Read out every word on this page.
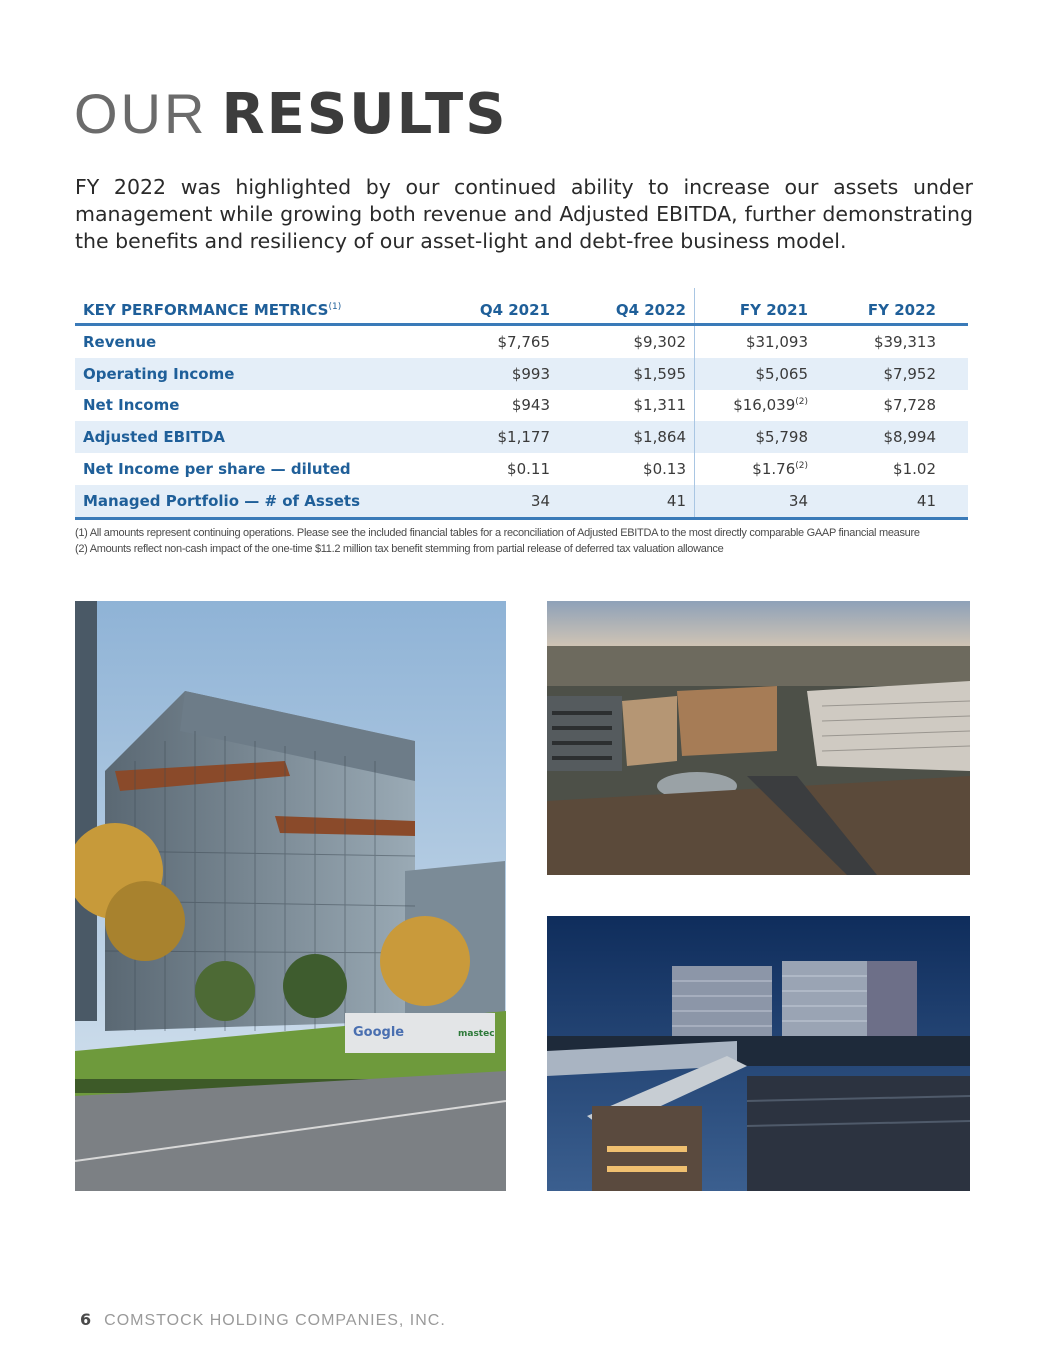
OUR RESULTS

FY 2022 was highlighted by our continued ability to increase our assets under management while growing both revenue and Adjusted EBITDA, further demonstrating the benefits and resiliency of our asset-light and debt-free business model.

KEY PERFORMANCE METRICS$^{(1)}$	Q4 2021	Q4 2022	FY 2021	FY 2022
Revenue	$7,765	$9,302	$31,093	$39,313
Operating Income	$993	$1,595	$5,065	$7,952
Net Income	$943	$1,311	$16,039$^{(2)}$	$7,728
Adjusted EBITDA	$1,177	$1,864	$5,798	$8,994
Net Income per share — diluted	$0.11	$0.13	$1.76$^{(2)}$	$1.02
Managed Portfolio — # of Assets	34	41	34	41
(1) All amounts represent continuing operations. Please see the included financial tables for a reconciliation of Adjusted EBITDA to the most directly comparable GAAP financial measure
(2) Amounts reflect non-cash impact of the one-time $11.2 million tax benefit stemming from partial release of deferred tax valuation allowance
Google	mastec
6 COMSTOCK HOLDING COMPANIES, INC.
